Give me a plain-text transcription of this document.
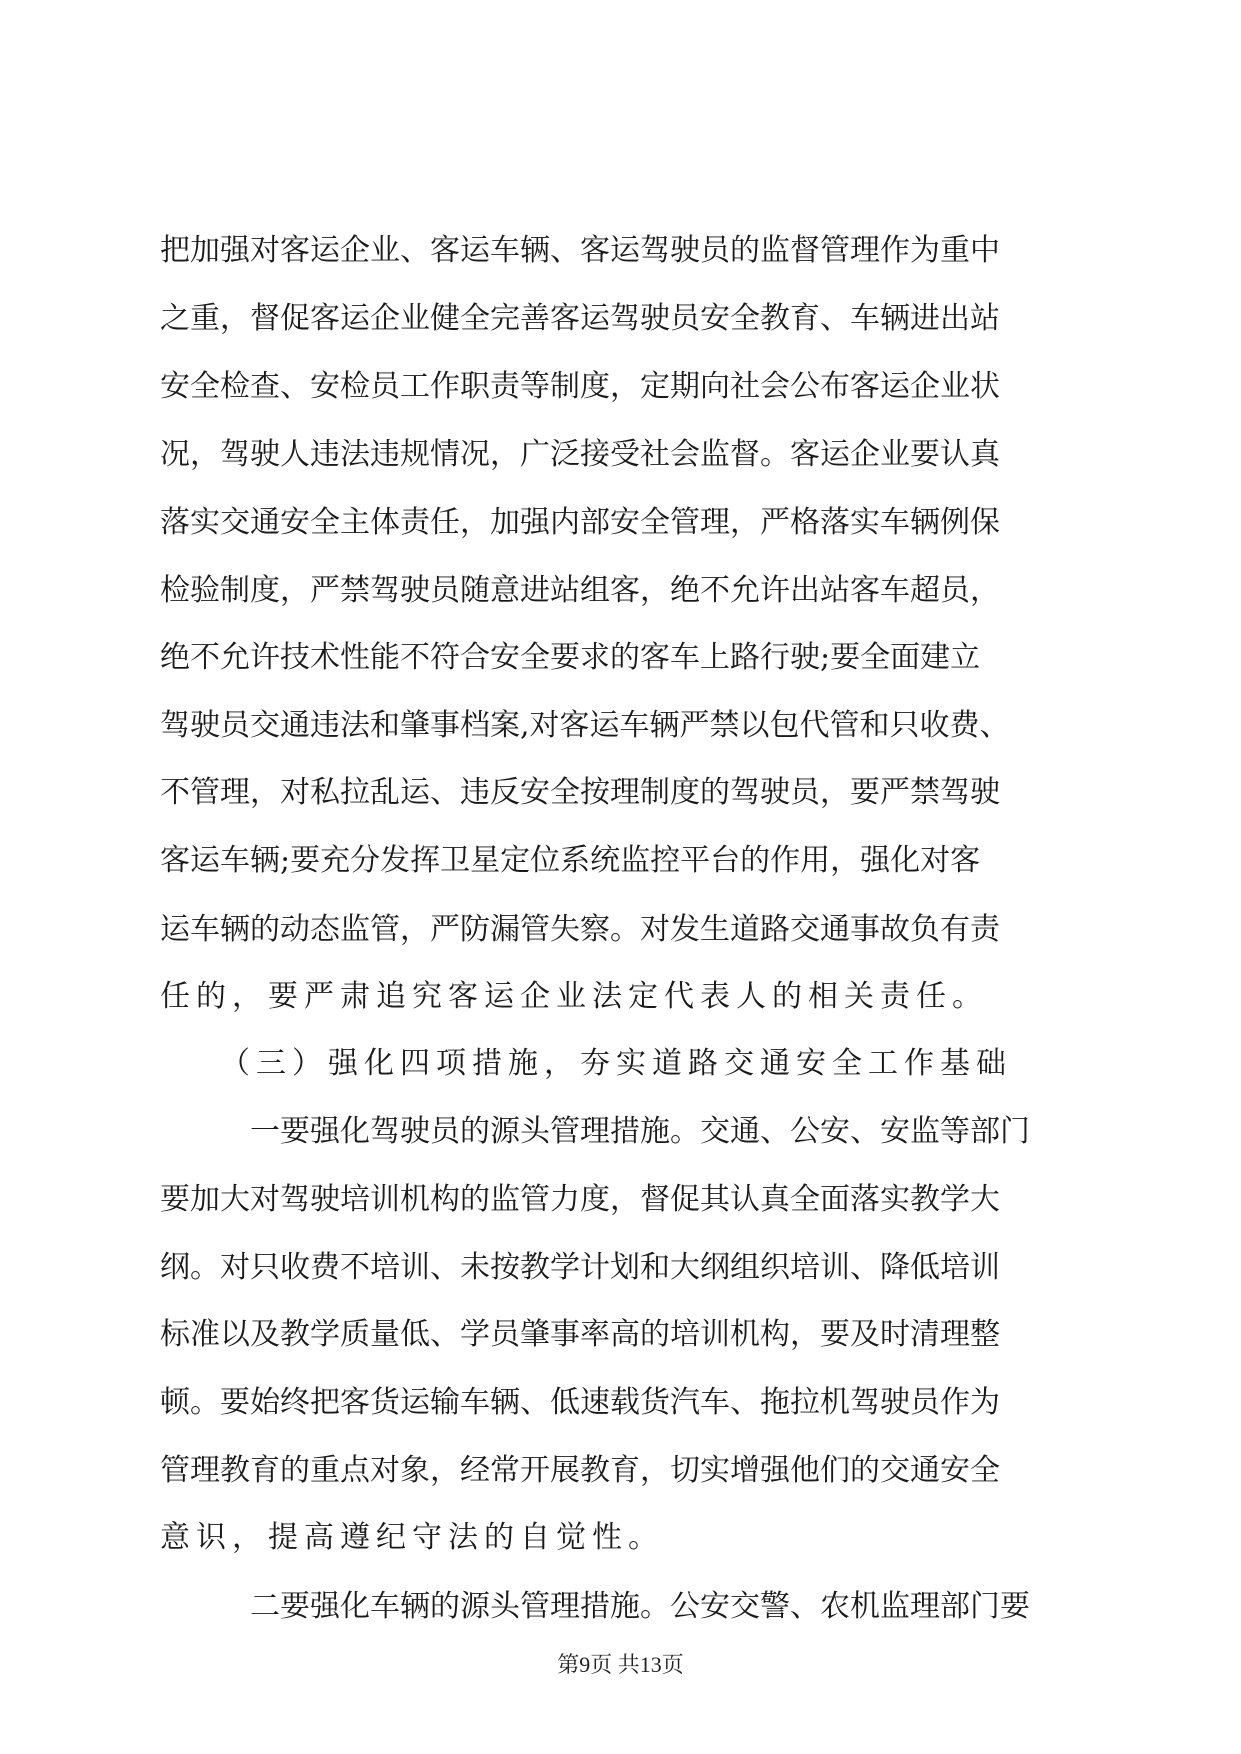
把加强对客运企业、客运车辆、客运驾驶员的监督管理作为重中
之重，督促客运企业健全完善客运驾驶员安全教育、车辆进出站
安全检查、安检员工作职责等制度，定期向社会公布客运企业状
况，驾驶人违法违规情况，广泛接受社会监督。客运企业要认真
落实交通安全主体责任，加强内部安全管理，严格落实车辆例保
检验制度，严禁驾驶员随意进站组客，绝不允许出站客车超员，
绝不允许技术性能不符合安全要求的客车上路行驶;要全面建立
驾驶员交通违法和肇事档案,对客运车辆严禁以包代管和只收费、
不管理，对私拉乱运、违反安全按理制度的驾驶员，要严禁驾驶
客运车辆;要充分发挥卫星定位系统监控平台的作用，强化对客
运车辆的动态监管，严防漏管失察。对发生道路交通事故负有责
任的，要严肃追究客运企业法定代表人的相关责任。
（三）强化四项措施，夯实道路交通安全工作基础
一要强化驾驶员的源头管理措施。交通、公安、安监等部门
要加大对驾驶培训机构的监管力度，督促其认真全面落实教学大
纲。对只收费不培训、未按教学计划和大纲组织培训、降低培训
标准以及教学质量低、学员肇事率高的培训机构，要及时清理整
顿。要始终把客货运输车辆、低速载货汽车、拖拉机驾驶员作为
管理教育的重点对象，经常开展教育，切实增强他们的交通安全
意识，提高遵纪守法的自觉性。
二要强化车辆的源头管理措施。公安交警、农机监理部门要
第9页 共13页
